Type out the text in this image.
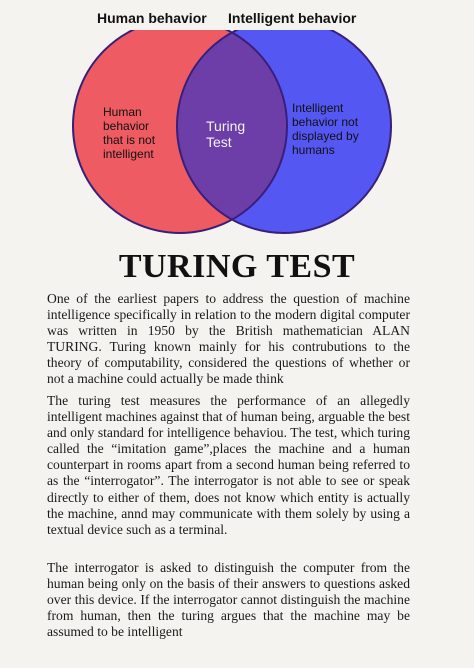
Human behavior Intelligent behavior
Human behavior that is not intelligent
Turing Test
Intelligent behavior not displayed by humans
TURING TEST

One of the earliest papers to address the question of machine intelligence specifically in relation to the modern digital computer was written in 1950 by the British mathematician ALAN TURING. Turing known mainly for his contrubutions to the theory of computability, considered the questions of whether or not a machine could actually be made think

The turing test measures the performance of an allegedly intelligent machines against that of human being, arguable the best and only standard for intelligence behaviou. The test, which turing called the “imitation game”,places the machine and a human counterpart in rooms apart from a second human being referred to as the “interrogator”. The interrogator is not able to see or speak directly to either of them, does not know which entity is actually the machine, annd may communicate with them solely by using a textual device such as a terminal.

The interrogator is asked to distinguish the computer from the human being only on the basis of their answers to questions asked over this device. If the interrogator cannot distinguish the machine from human, then the turing argues that the machine may be assumed to be intelligent
